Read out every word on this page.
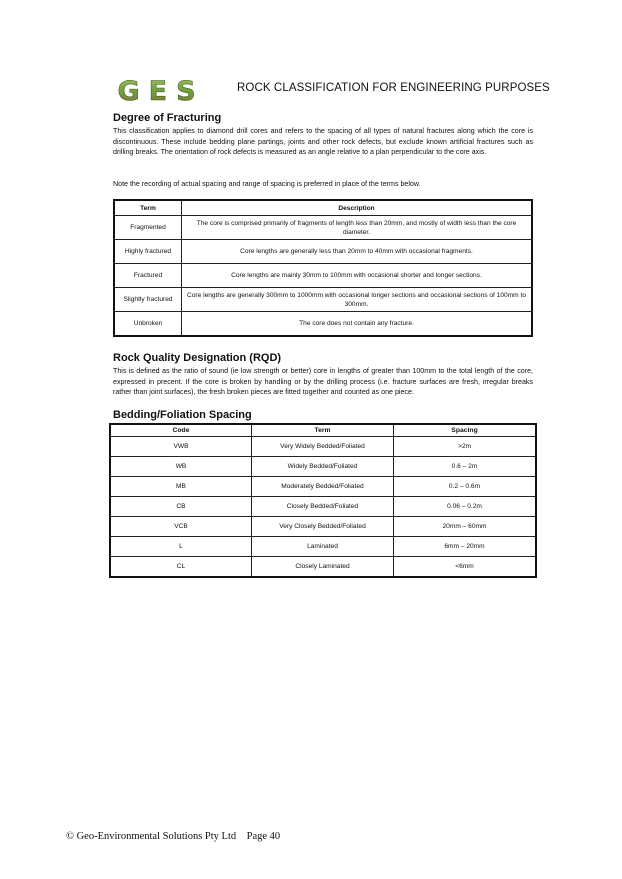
GES	ROCK CLASSIFICATION FOR ENGINEERING PURPOSES
Degree of Fracturing

This classification applies to diamond drill cores and refers to the spacing of all types of natural fractures along which the core is discontinuous. These include bedding plane partings, joints and other rock defects, but exclude known artificial fractures such as drilling breaks. The orientation of rock defects is measured as an angle relative to a plan perpendicular to the core axis.

Note the recording of actual spacing and range of spacing is preferred in place of the terms below.

Term	Description
Fragmented	The core is comprised primarily of fragments of length less than 20mm, and mostly of width less than the core diameter.
Highly fractured	Core lengths are generally less than 20mm to 40mm with occasional fragments.
Fractured	Core lengths are mainly 30mm to 100mm with occasional shorter and longer sections.
Slightly fractured	Core lengths are generally 300mm to 1000mm with occasional longer sections and occasional sections of 100mm to 300mm.
Unbroken	The core does not contain any fracture.
Rock Quality Designation (RQD)

This is defined as the ratio of sound (ie low strength or better) core in lengths of greater than 100mm to the total length of the core, expressed in precent. If the core is broken by handling or by the drilling process (i.e. fracture surfaces are fresh, irregular breaks rather than joint surfaces), the fresh broken pieces are fitted together and counted as one piece.

Bedding/Foliation Spacing
Code	Term	Spacing
VWB	Very Widely Bedded/Foliated	>2m
WB	Widely Bedded/Foliated	0.6 – 2m
MB	Moderately Bedded/Foliated	0.2 – 0.6m
CB	Closely Bedded/Foliated	0.06 – 0.2m
VCB	Very Closely Bedded/Foliated	20mm – 60mm
L	Laminated	6mm – 20mm
CL	Closely Laminated	<6mm
© Geo-Environmental Solutions Pty Ltd Page 40
